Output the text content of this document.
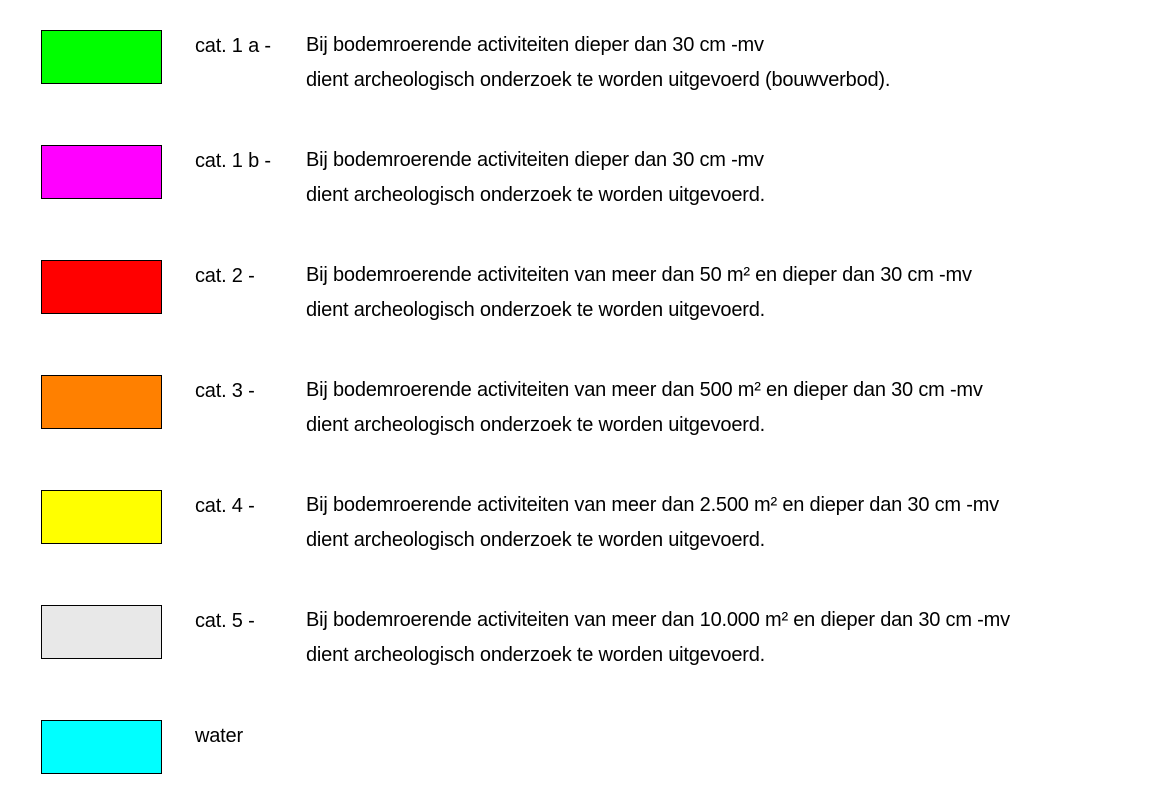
cat. 1 a - Bij bodemroerende activiteiten dieper dan 30 cm -mv
dient archeologisch onderzoek te worden uitgevoerd (bouwverbod).
cat. 1 b - Bij bodemroerende activiteiten dieper dan 30 cm -mv
dient archeologisch onderzoek te worden uitgevoerd.
cat. 2 -	Bij bodemroerende activiteiten van meer dan 50 m² en dieper dan 30 cm -mv
dient archeologisch onderzoek te worden uitgevoerd.
cat. 3 -	Bij bodemroerende activiteiten van meer dan 500 m² en dieper dan 30 cm -mv
dient archeologisch onderzoek te worden uitgevoerd.
cat. 4 -	Bij bodemroerende activiteiten van meer dan 2.500 m² en dieper dan 30 cm -mv
dient archeologisch onderzoek te worden uitgevoerd.
cat. 5 -	Bij bodemroerende activiteiten van meer dan 10.000 m² en dieper dan 30 cm -mv
dient archeologisch onderzoek te worden uitgevoerd.
water
